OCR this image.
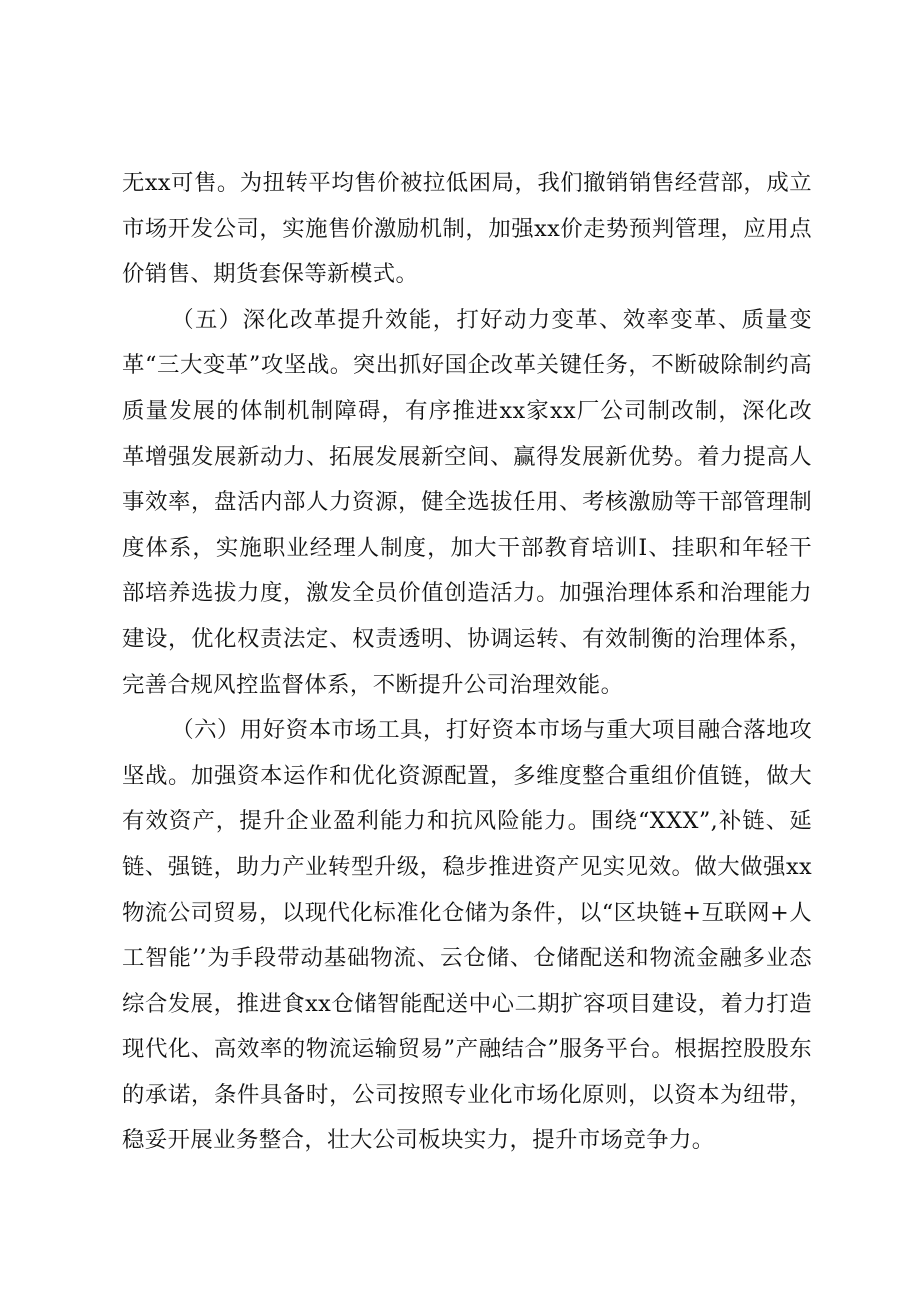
无xx可售。为扭转平均售价被拉低困局，我们撤销销售经营部，成立市场开发公司，实施售价激励机制，加强xx价走势预判管理，应用点价销售、期货套保等新模式。

（五）深化改革提升效能，打好动力变革、效率变革、质量变革“三大变革”攻坚战。突出抓好国企改革关键任务，不断破除制约高质量发展的体制机制障碍，有序推进xx家xx厂公司制改制，深化改革增强发展新动力、拓展发展新空间、赢得发展新优势。着力提高人事效率，盘活内部人力资源，健全选拔任用、考核激励等干部管理制度体系，实施职业经理人制度，加大干部教育培训I、挂职和年轻干部培养选拔力度，激发全员价值创造活力。加强治理体系和治理能力建设，优化权责法定、权责透明、协调运转、有效制衡的治理体系，完善合规风控监督体系，不断提升公司治理效能。

（六）用好资本市场工具，打好资本市场与重大项目融合落地攻坚战。加强资本运作和优化资源配置，多维度整合重组价值链，做大有效资产，提升企业盈利能力和抗风险能力。围绕“XXX”,补链、延链、强链，助力产业转型升级，稳步推进资产见实见效。做大做强xx物流公司贸易，以现代化标准化仓储为条件，以“区块链+互联网+人工智能’’为手段带动基础物流、云仓储、仓储配送和物流金融多业态综合发展，推进食xx仓储智能配送中心二期扩容项目建设，着力打造现代化、高效率的物流运输贸易”产融结合”服务平台。根据控股股东的承诺，条件具备时，公司按照专业化市场化原则，以资本为纽带，稳妥开展业务整合，壮大公司板块实力，提升市场竞争力。
